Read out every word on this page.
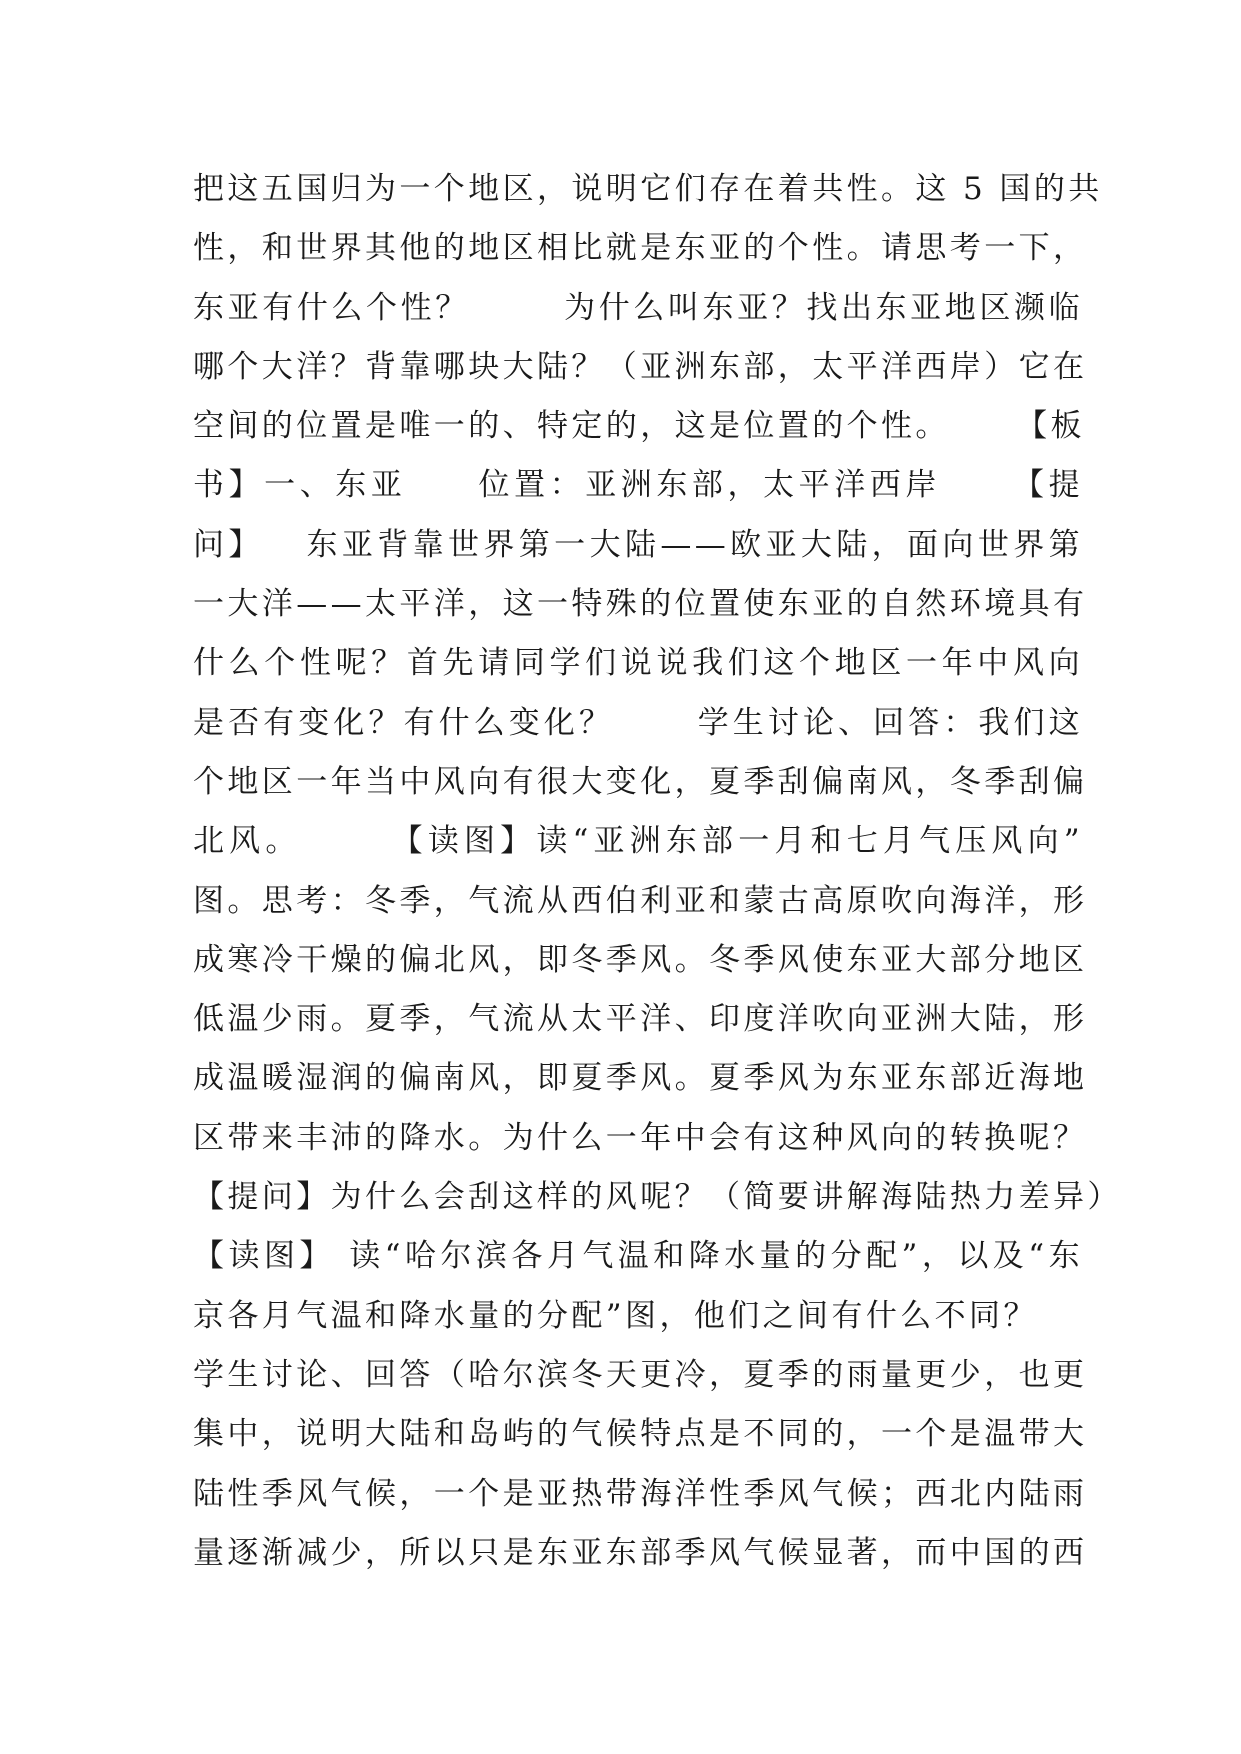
把这五国归为一个地区，说明它们存在着共性。这 5 国的共
性，和世界其他的地区相比就是东亚的个性。请思考一下，
东亚有什么个性？       为什么叫东亚？找出东亚地区濒临
哪个大洋？背靠哪块大陆？（亚洲东部，太平洋西岸）它在
空间的位置是唯一的、特定的，这是位置的个性。     【板
书】一、东亚     位置：亚洲东部，太平洋西岸     【提
问】   东亚背靠世界第一大陆——欧亚大陆，面向世界第
一大洋——太平洋，这一特殊的位置使东亚的自然环境具有
什么个性呢？首先请同学们说说我们这个地区一年中风向
是否有变化？有什么变化？      学生讨论、回答：我们这
个地区一年当中风向有很大变化，夏季刮偏南风，冬季刮偏
北风。      【读图】读“亚洲东部一月和七月气压风向”
图。思考：冬季，气流从西伯利亚和蒙古高原吹向海洋，形
成寒冷干燥的偏北风，即冬季风。冬季风使东亚大部分地区
低温少雨。夏季，气流从太平洋、印度洋吹向亚洲大陆，形
成温暖湿润的偏南风，即夏季风。夏季风为东亚东部近海地
区带来丰沛的降水。为什么一年中会有这种风向的转换呢？
【提问】为什么会刮这样的风呢？（简要讲解海陆热力差异）
【读图】 读“哈尔滨各月气温和降水量的分配”，以及“东
京各月气温和降水量的分配”图，他们之间有什么不同？
学生讨论、回答（哈尔滨冬天更冷，夏季的雨量更少，也更
集中，说明大陆和岛屿的气候特点是不同的，一个是温带大
陆性季风气候，一个是亚热带海洋性季风气候；西北内陆雨
量逐渐减少，所以只是东亚东部季风气候显著，而中国的西
